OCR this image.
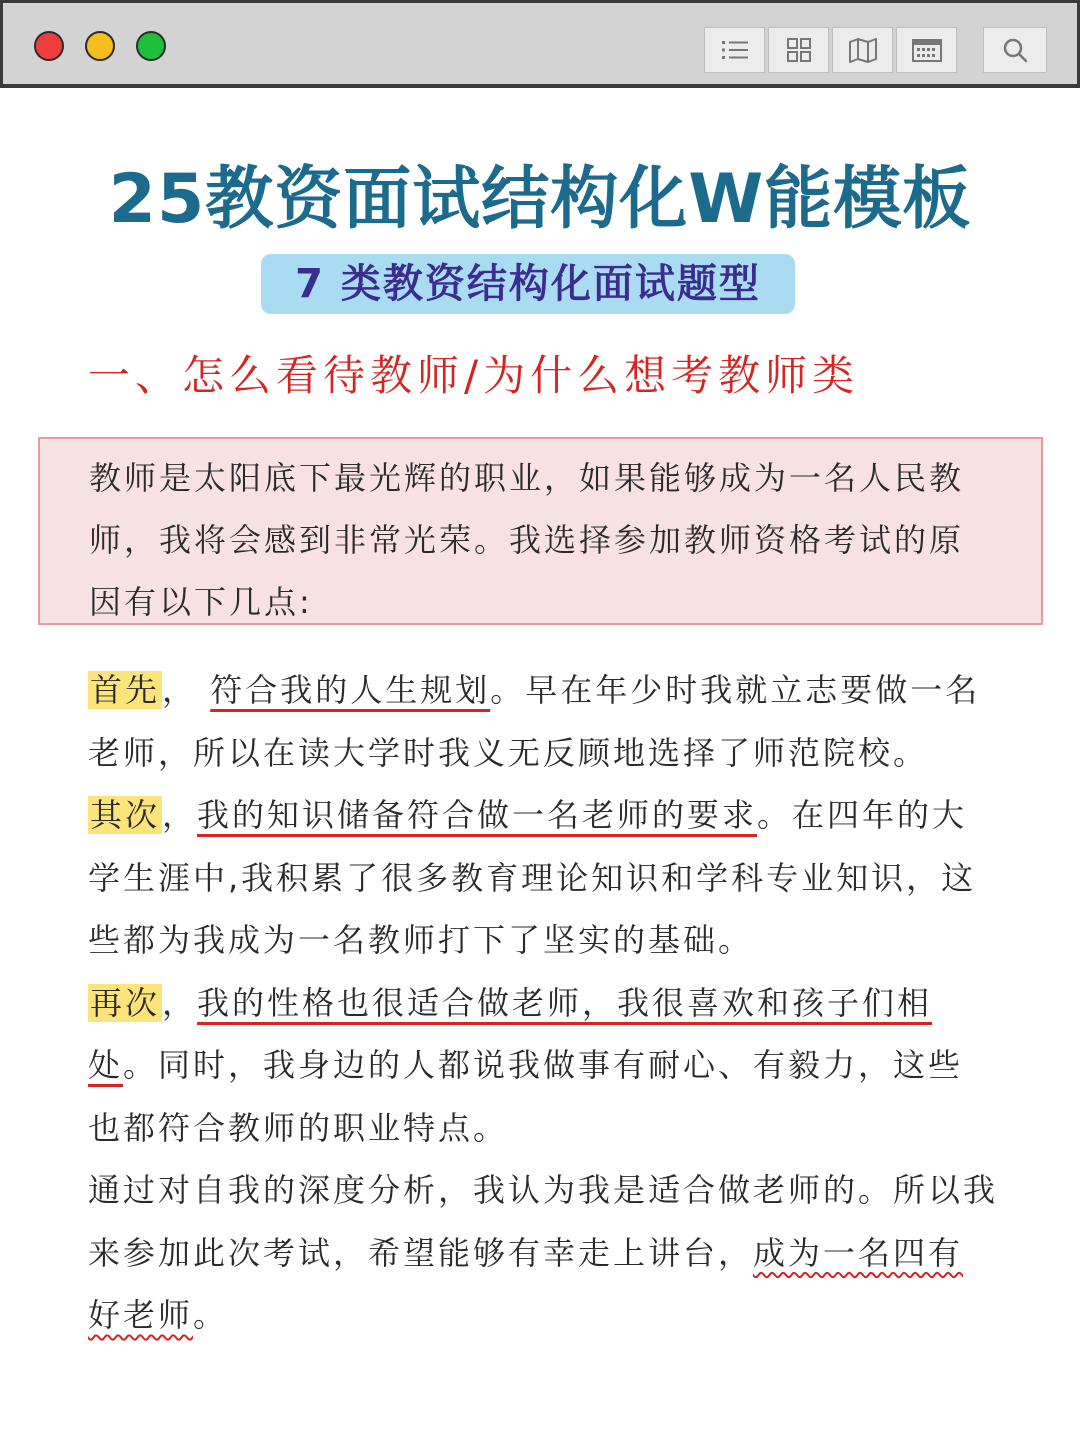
25教资面试结构化W能模板
7 类教资结构化面试题型
一、怎么看待教师/为什么想考教师类
教师是太阳底下最光辉的职业，如果能够成为一名人民教师，我将会感到非常光荣。我选择参加教师资格考试的原因有以下几点:

首先， 符合我的人生规划。早在年少时我就立志要做一名老师，所以在读大学时我义无反顾地选择了师范院校。

其次，我的知识储备符合做一名老师的要求。在四年的大学生涯中,我积累了很多教育理论知识和学科专业知识，这些都为我成为一名教师打下了坚实的基础。

再次，我的性格也很适合做老师，我很喜欢和孩子们相处。同时，我身边的人都说我做事有耐心、有毅力，这些也都符合教师的职业特点。

通过对自我的深度分析，我认为我是适合做老师的。所以我来参加此次考试，希望能够有幸走上讲台，成为一名四有好老师。
